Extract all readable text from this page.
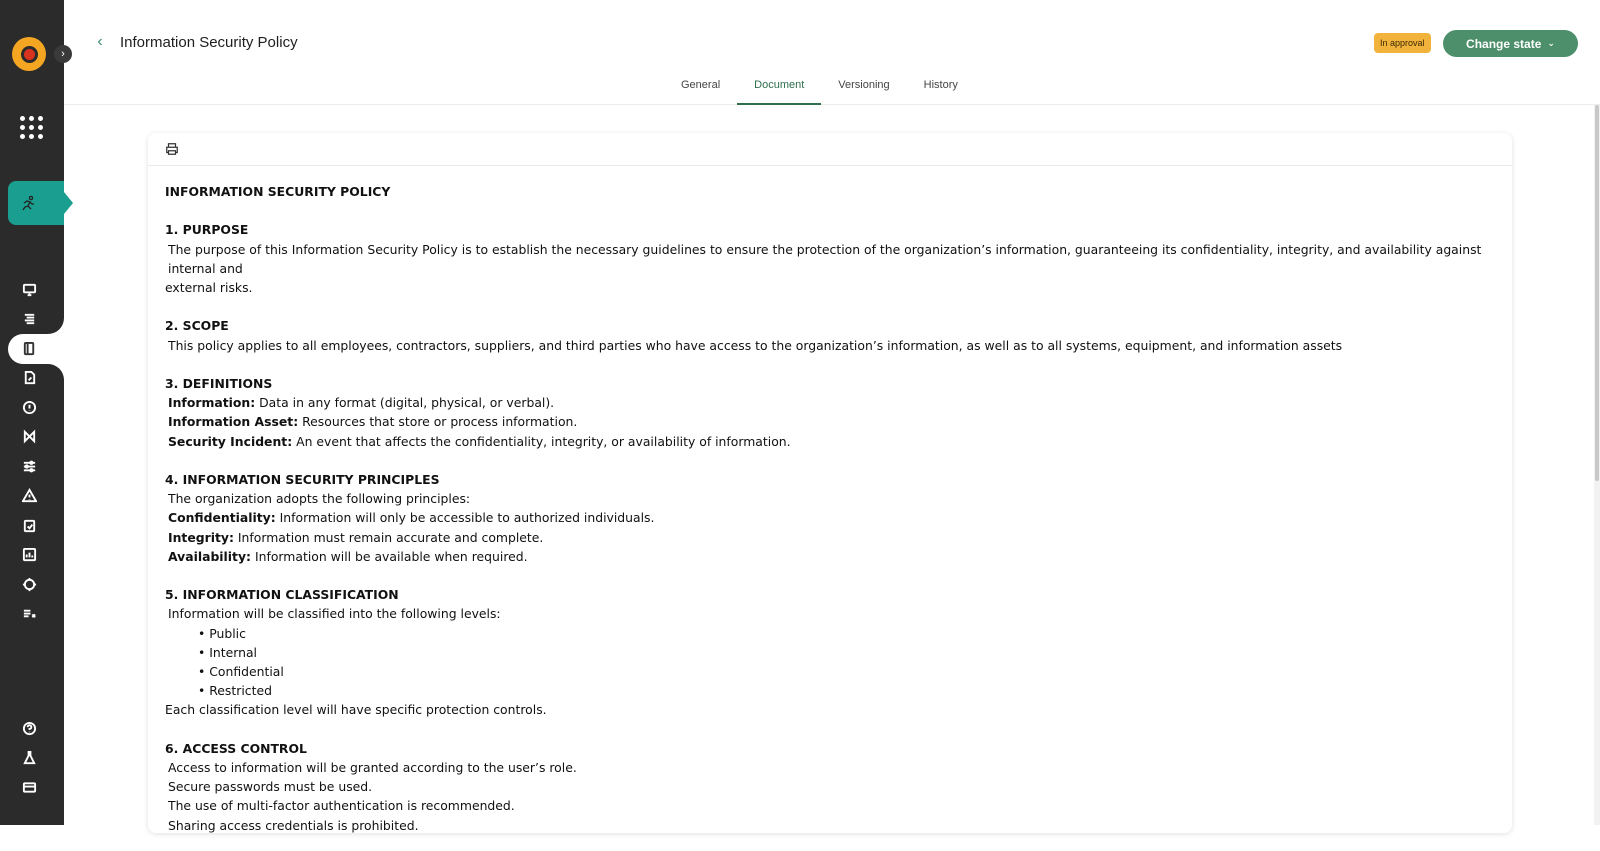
›
‹	Information Security Policy	In approval	Change state ⌄
General	Document	Versioning	History
INFORMATION SECURITY POLICY
1. PURPOSE
The purpose of this Information Security Policy is to establish the necessary guidelines to ensure the protection of the organization’s information, guaranteeing its confidentiality, integrity, and availability against internal and
external risks.
2. SCOPE
This policy applies to all employees, contractors, suppliers, and third parties who have access to the organization’s information, as well as to all systems, equipment, and information assets
3. DEFINITIONS
Information: Data in any format (digital, physical, or verbal).
Information Asset: Resources that store or process information.
Security Incident: An event that affects the confidentiality, integrity, or availability of information.
4. INFORMATION SECURITY PRINCIPLES
The organization adopts the following principles:
Confidentiality: Information will only be accessible to authorized individuals.
Integrity: Information must remain accurate and complete.
Availability: Information will be available when required.
5. INFORMATION CLASSIFICATION
Information will be classified into the following levels:
• Public
• Internal
• Confidential
• Restricted
Each classification level will have specific protection controls.
6. ACCESS CONTROL
Access to information will be granted according to the user’s role.
Secure passwords must be used.
The use of multi-factor authentication is recommended.
Sharing access credentials is prohibited.
